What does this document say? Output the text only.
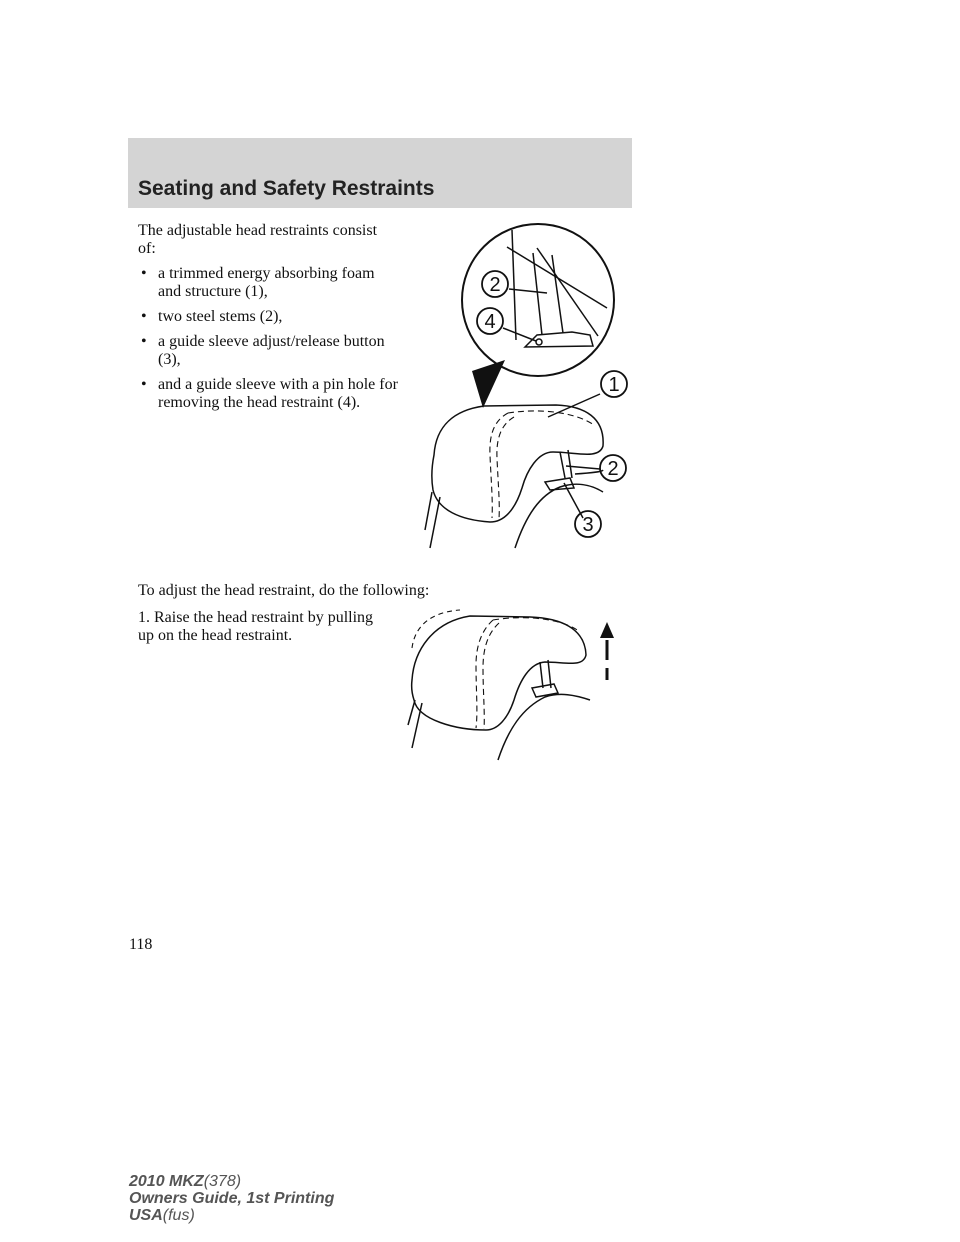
Seating and Safety Restraints

The adjustable head restraints consist of:

• a trimmed energy absorbing foam and structure (1),
• two steel stems (2),
• a guide sleeve adjust/release button (3),
• and a guide sleeve with a pin hole for removing the head restraint (4).
2
4
1
2
3

To adjust the head restraint, do the following:

1. Raise the head restraint by pulling up on the head restraint.

118

2010 MKZ(378)
Owners Guide, 1st Printing
USA(fus)
